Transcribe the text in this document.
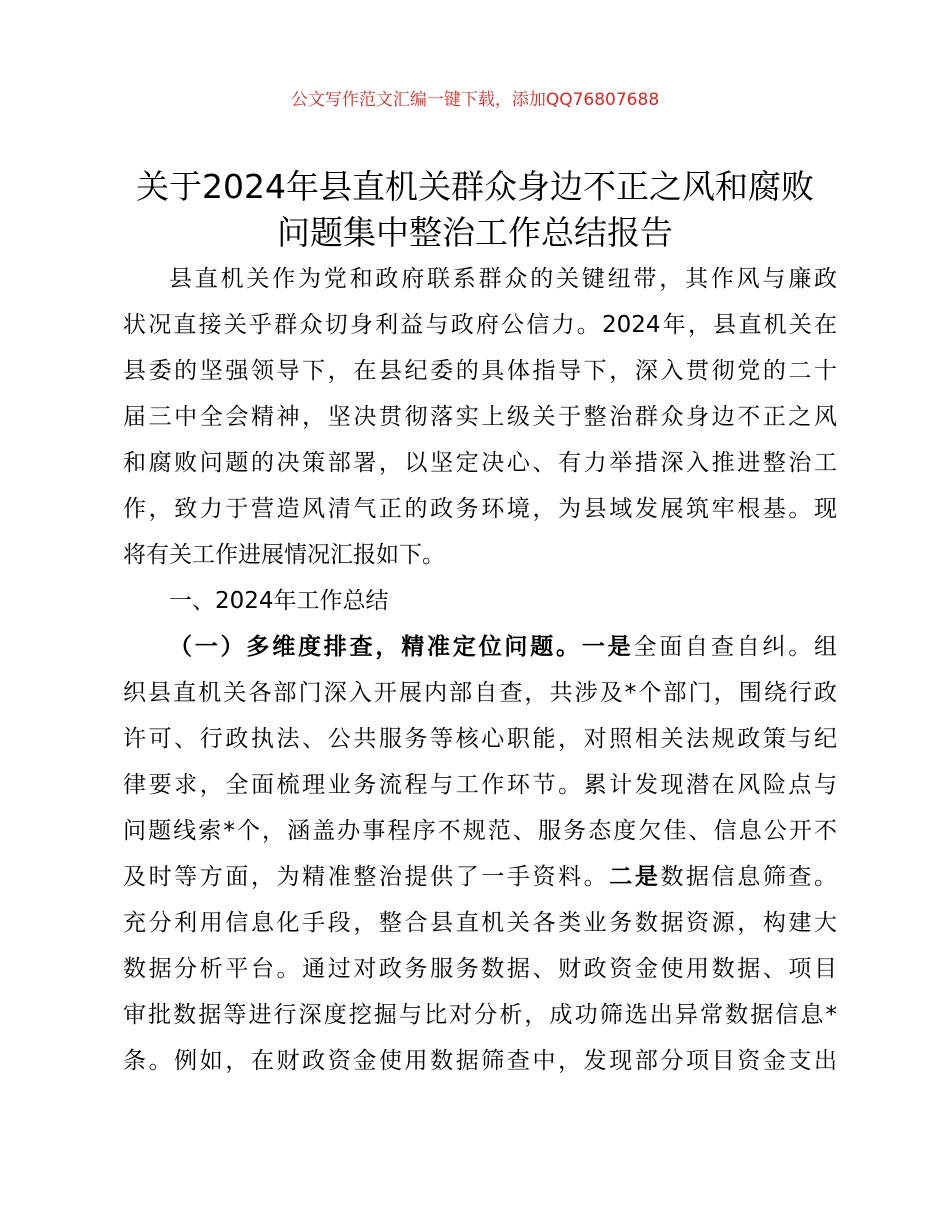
公文写作范文汇编一键下载，添加QQ76807688
关于2024年县直机关群众身边不正之风和腐败
问题集中整治工作总结报告
县直机关作为党和政府联系群众的关键纽带，其作风与廉政
状况直接关乎群众切身利益与政府公信力。2024年，县直机关在
县委的坚强领导下，在县纪委的具体指导下，深入贯彻党的二十
届三中全会精神，坚决贯彻落实上级关于整治群众身边不正之风
和腐败问题的决策部署，以坚定决心、有力举措深入推进整治工
作，致力于营造风清气正的政务环境，为县域发展筑牢根基。现
将有关工作进展情况汇报如下。
一、2024年工作总结
（一）多维度排查，精准定位问题。一是全面自查自纠。组
织县直机关各部门深入开展内部自查，共涉及*个部门，围绕行政
许可、行政执法、公共服务等核心职能，对照相关法规政策与纪
律要求，全面梳理业务流程与工作环节。累计发现潜在风险点与
问题线索*个，涵盖办事程序不规范、服务态度欠佳、信息公开不
及时等方面，为精准整治提供了一手资料。二是数据信息筛查。
充分利用信息化手段，整合县直机关各类业务数据资源，构建大
数据分析平台。通过对政务服务数据、财政资金使用数据、项目
审批数据等进行深度挖掘与比对分析，成功筛选出异常数据信息*
条。例如，在财政资金使用数据筛查中，发现部分项目资金支出
